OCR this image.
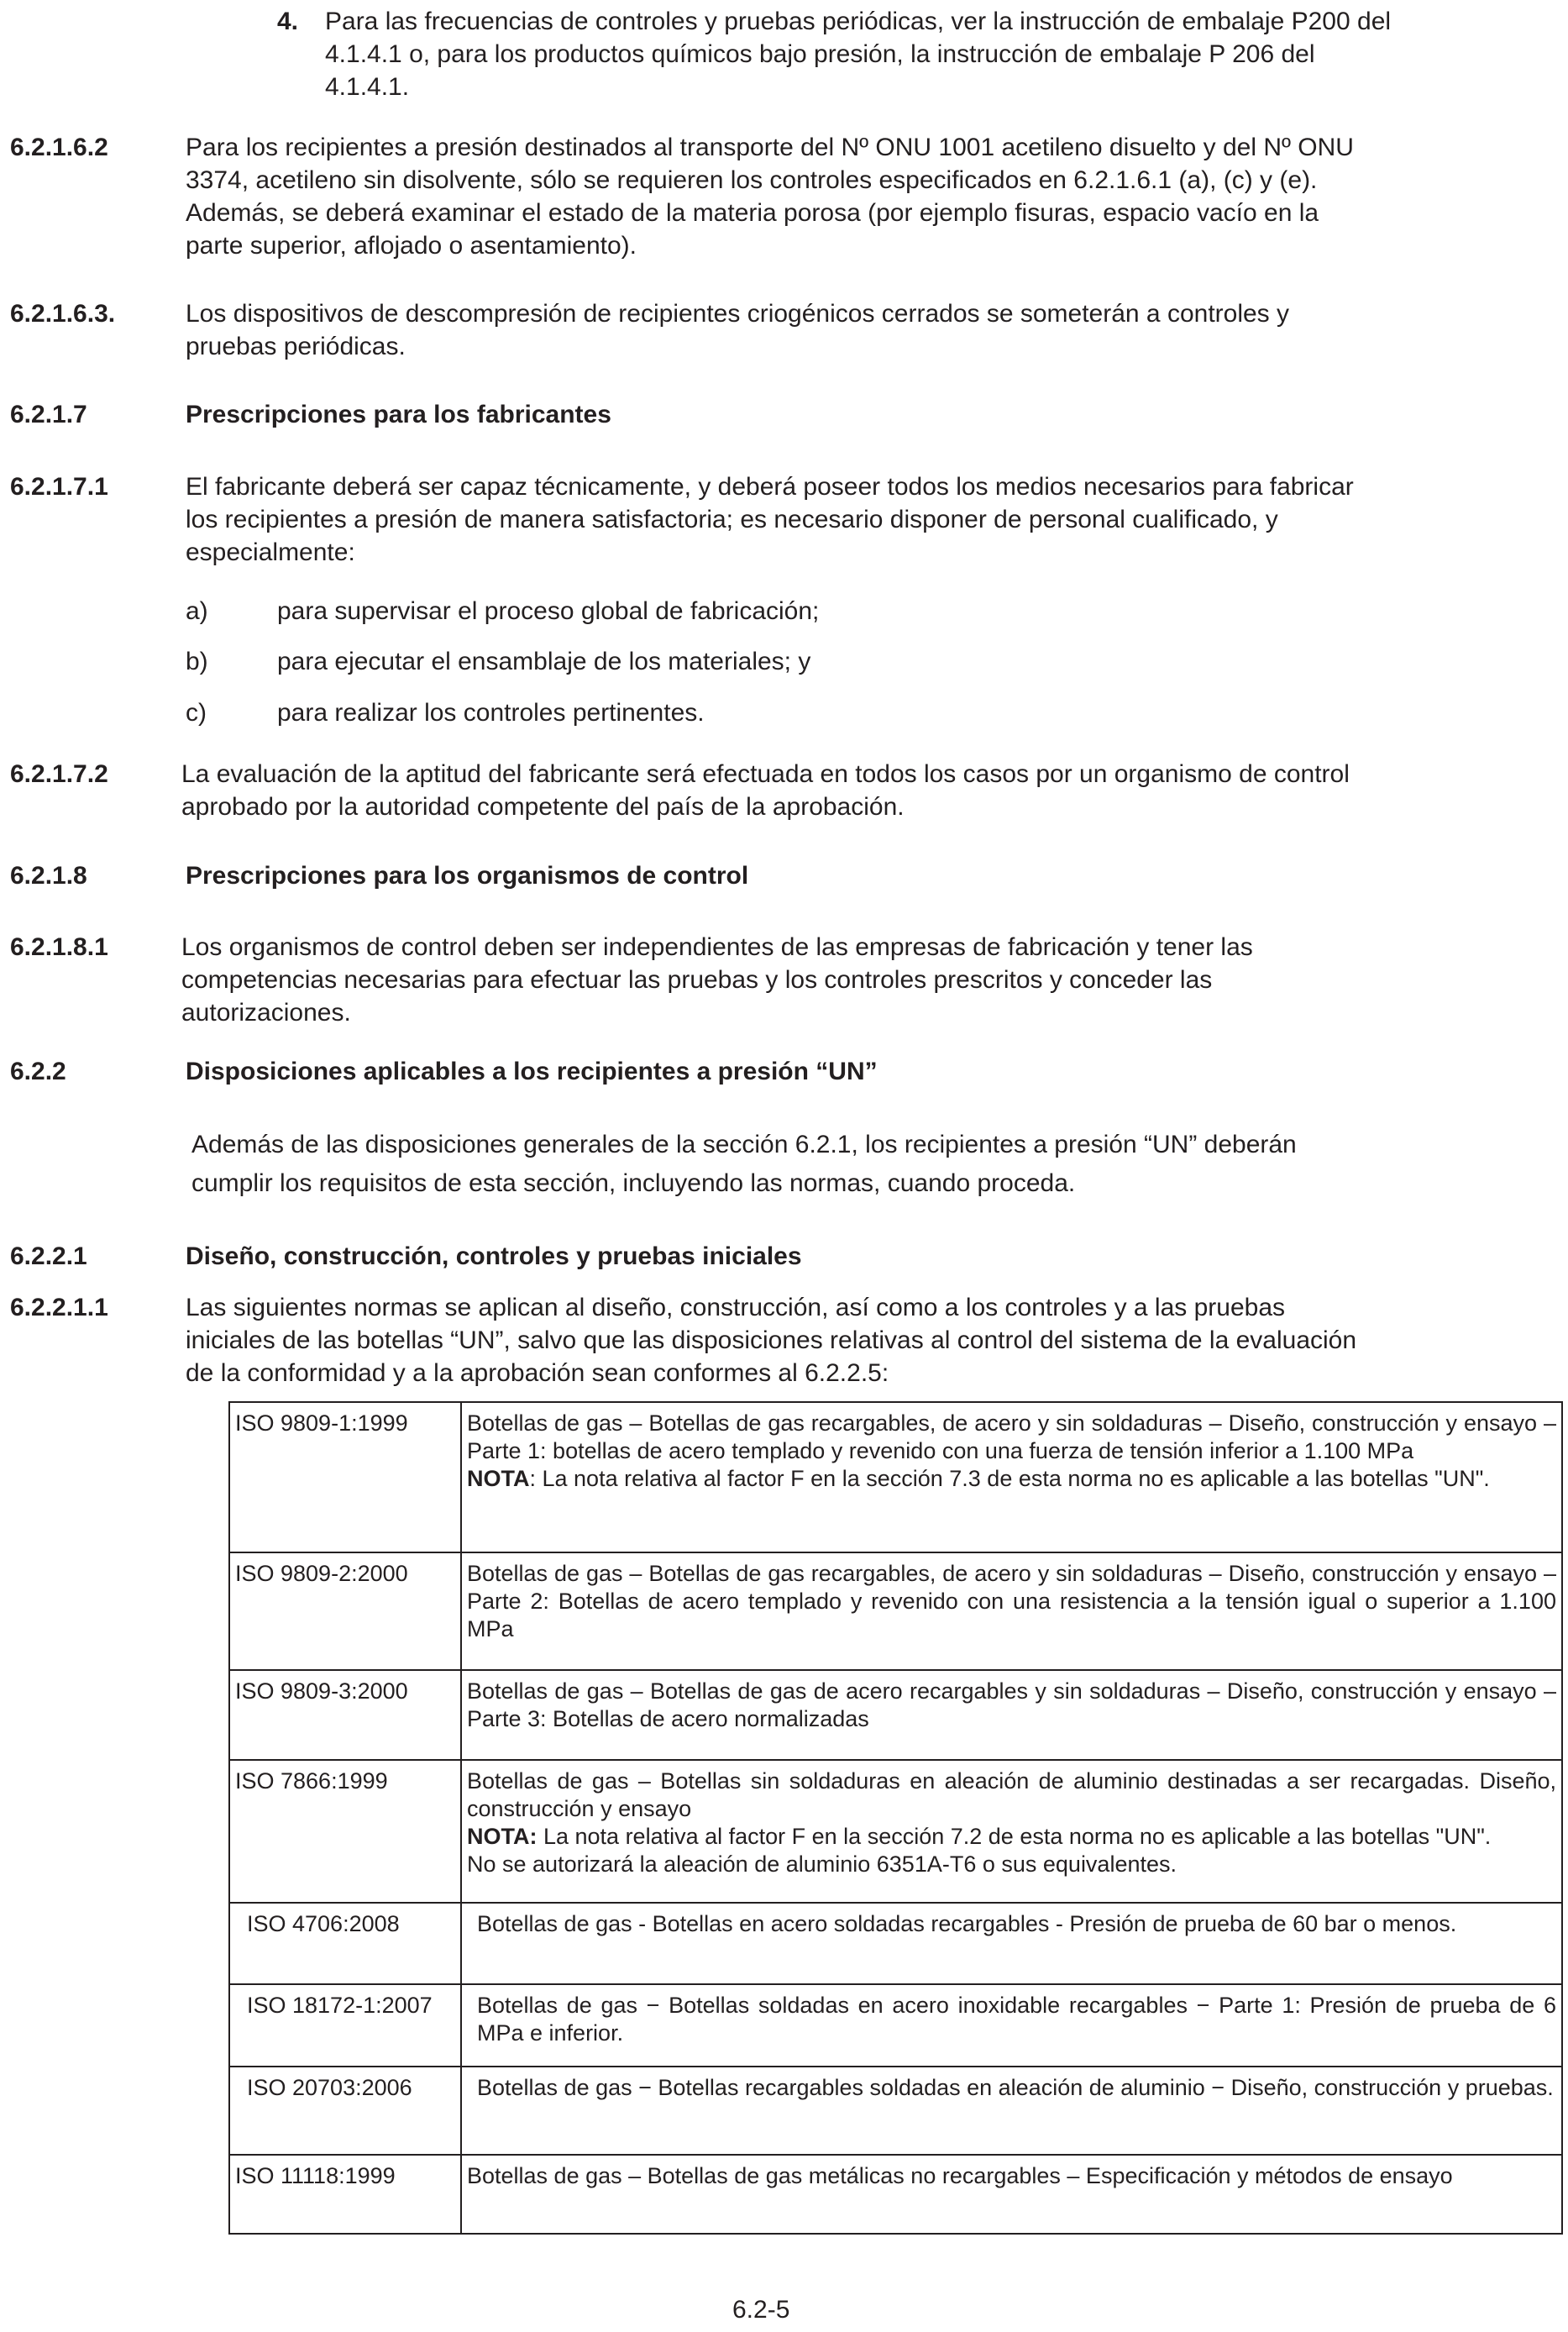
4. Para las frecuencias de controles y pruebas periódicas, ver la instrucción de embalaje P200 del
4.1.4.1 o, para los productos químicos bajo presión, la instrucción de embalaje P 206 del
4.1.4.1.
6.2.1.6.2	Para los recipientes a presión destinados al transporte del Nº ONU 1001 acetileno disuelto y del Nº ONU
3374, acetileno sin disolvente, sólo se requieren los controles especificados en 6.2.1.6.1 (a), (c) y (e).
Además, se deberá examinar el estado de la materia porosa (por ejemplo fisuras, espacio vacío en la
parte superior, aflojado o asentamiento).
6.2.1.6.3.	Los dispositivos de descompresión de recipientes criogénicos cerrados se someterán a controles y
pruebas periódicas.
6.2.1.7	Prescripciones para los fabricantes
6.2.1.7.1	El fabricante deberá ser capaz técnicamente, y deberá poseer todos los medios necesarios para fabricar
los recipientes a presión de manera satisfactoria; es necesario disponer de personal cualificado, y
especialmente:
a)	para supervisar el proceso global de fabricación;
b)	para ejecutar el ensamblaje de los materiales; y
c)	para realizar los controles pertinentes.
6.2.1.7.2	La evaluación de la aptitud del fabricante será efectuada en todos los casos por un organismo de control
aprobado por la autoridad competente del país de la aprobación.
6.2.1.8	Prescripciones para los organismos de control
6.2.1.8.1	Los organismos de control deben ser independientes de las empresas de fabricación y tener las
competencias necesarias para efectuar las pruebas y los controles prescritos y conceder las
autorizaciones.
6.2.2	Disposiciones aplicables a los recipientes a presión “UN”
Además de las disposiciones generales de la sección 6.2.1, los recipientes a presión “UN” deberán
cumplir los requisitos de esta sección, incluyendo las normas, cuando proceda.
6.2.2.1	Diseño, construcción, controles y pruebas iniciales
6.2.2.1.1	Las siguientes normas se aplican al diseño, construcción, así como a los controles y a las pruebas
iniciales de las botellas “UN”, salvo que las disposiciones relativas al control del sistema de la evaluación
de la conformidad y a la aprobación sean conformes al 6.2.2.5:
ISO 9809-1:1999	Botellas de gas – Botellas de gas recargables, de acero y sin soldaduras – Diseño, construcción y ensayo – Parte 1: botellas de acero templado y revenido con una fuerza de tensión inferior a 1.100 MPa
NOTA: La nota relativa al factor F en la sección 7.3 de esta norma no es aplicable a las botellas "UN".
ISO 9809-2:2000	Botellas de gas – Botellas de gas recargables, de acero y sin soldaduras – Diseño, construcción y ensayo – Parte 2: Botellas de acero templado y revenido con una resistencia a la tensión igual o superior a 1.100 MPa
ISO 9809-3:2000	Botellas de gas – Botellas de gas de acero recargables y sin soldaduras – Diseño, construcción y ensayo – Parte 3: Botellas de acero normalizadas
ISO 7866:1999	Botellas de gas – Botellas sin soldaduras en aleación de aluminio destinadas a ser recargadas. Diseño, construcción y ensayo
NOTA: La nota relativa al factor F en la sección 7.2 de esta norma no es aplicable a las botellas "UN".
No se autorizará la aleación de aluminio 6351A-T6 o sus equivalentes.
ISO 4706:2008	Botellas de gas - Botellas en acero soldadas recargables - Presión de prueba de 60 bar o menos.
ISO 18172-1:2007	Botellas de gas − Botellas soldadas en acero inoxidable recargables − Parte 1: Presión de prueba de 6 MPa e inferior.
ISO 20703:2006	Botellas de gas − Botellas recargables soldadas en aleación de aluminio − Diseño, construcción y pruebas.
ISO 11118:1999	Botellas de gas – Botellas de gas metálicas no recargables – Especificación y métodos de ensayo
6.2-5
